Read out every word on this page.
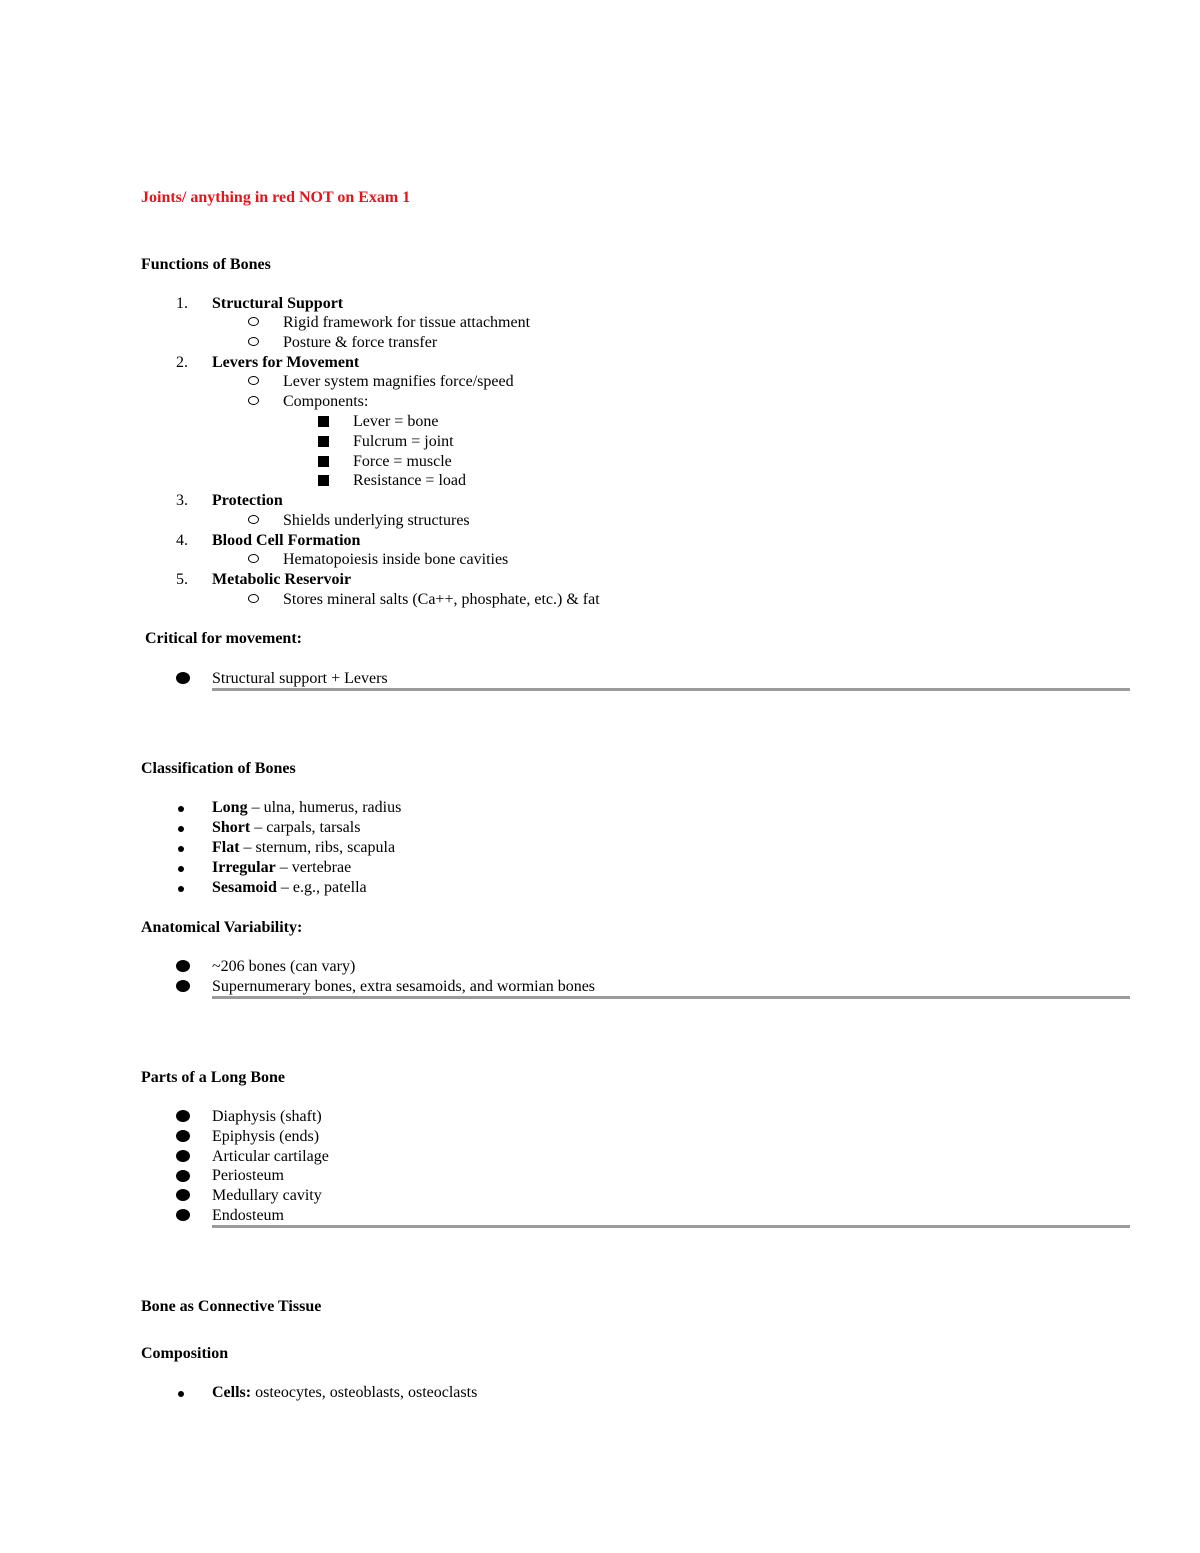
Joints/ anything in red NOT on Exam 1
Functions of Bones
1.	Structural Support
Rigid framework for tissue attachment
Posture & force transfer
2.	Levers for Movement
Lever system magnifies force/speed
Components:
Lever = bone
Fulcrum = joint
Force = muscle
Resistance = load
3.	Protection
Shields underlying structures
4.	Blood Cell Formation
Hematopoiesis inside bone cavities
5.	Metabolic Reservoir
Stores mineral salts (Ca++, phosphate, etc.) & fat
Critical for movement:
Structural support + Levers
Classification of Bones
Long – ulna, humerus, radius
Short – carpals, tarsals
Flat – sternum, ribs, scapula
Irregular – vertebrae
Sesamoid – e.g., patella
Anatomical Variability:
~206 bones (can vary)
Supernumerary bones, extra sesamoids, and wormian bones
Parts of a Long Bone
Diaphysis (shaft)
Epiphysis (ends)
Articular cartilage
Periosteum
Medullary cavity
Endosteum
Bone as Connective Tissue
Composition
Cells: osteocytes, osteoblasts, osteoclasts
